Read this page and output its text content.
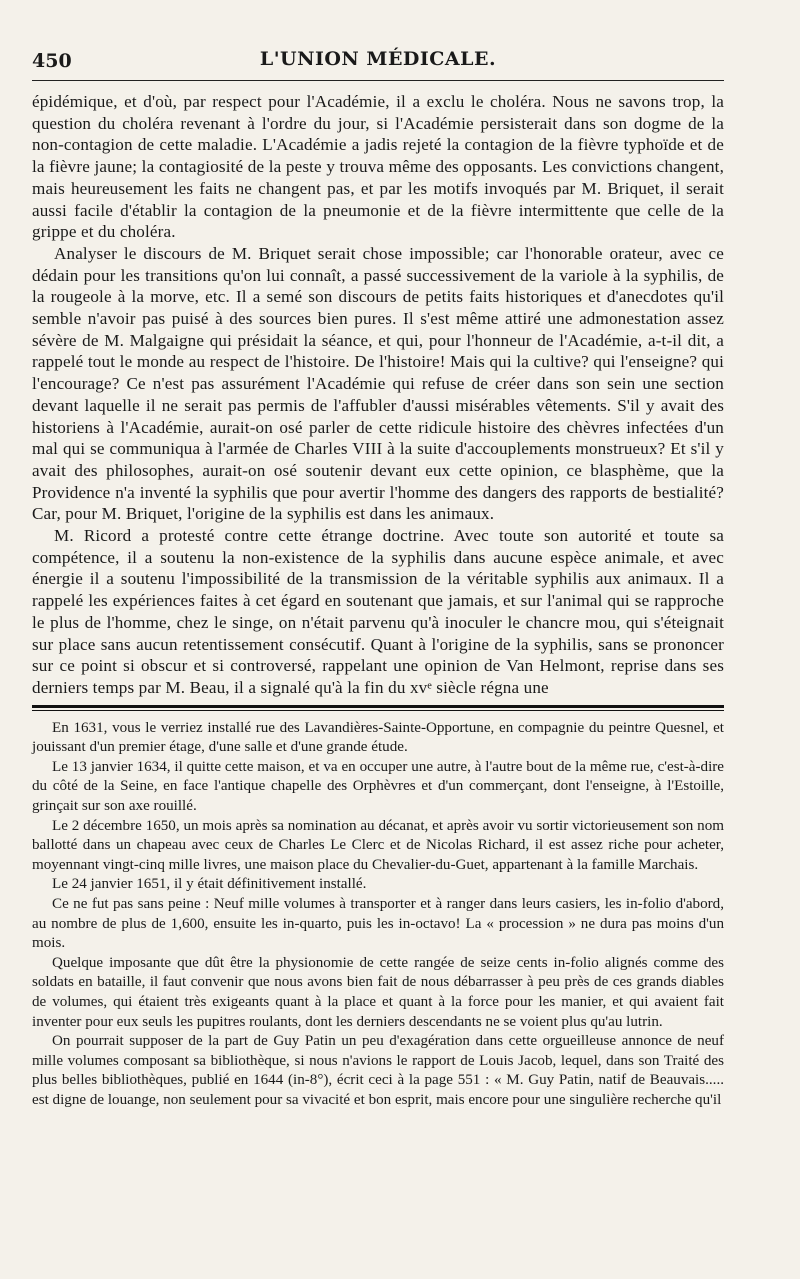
450	L'UNION MÉDICALE.

épidémique, et d'où, par respect pour l'Académie, il a exclu le choléra. Nous ne savons trop, la question du choléra revenant à l'ordre du jour, si l'Académie persisterait dans son dogme de la non-contagion de cette maladie. L'Académie a jadis rejeté la contagion de la fièvre typhoïde et de la fièvre jaune; la contagiosité de la peste y trouva même des opposants. Les convictions changent, mais heureusement les faits ne changent pas, et par les motifs invoqués par M. Briquet, il serait aussi facile d'établir la contagion de la pneumonie et de la fièvre intermittente que celle de la grippe et du choléra.

Analyser le discours de M. Briquet serait chose impossible; car l'honorable orateur, avec ce dédain pour les transitions qu'on lui connaît, a passé successivement de la variole à la syphilis, de la rougeole à la morve, etc. Il a semé son discours de petits faits historiques et d'anecdotes qu'il semble n'avoir pas puisé à des sources bien pures. Il s'est même attiré une admonestation assez sévère de M. Malgaigne qui présidait la séance, et qui, pour l'honneur de l'Académie, a-t-il dit, a rappelé tout le monde au respect de l'histoire. De l'histoire! Mais qui la cultive? qui l'enseigne? qui l'encourage? Ce n'est pas assurément l'Académie qui refuse de créer dans son sein une section devant laquelle il ne serait pas permis de l'affubler d'aussi misérables vêtements. S'il y avait des historiens à l'Académie, aurait-on osé parler de cette ridicule histoire des chèvres infectées d'un mal qui se communiqua à l'armée de Charles VIII à la suite d'accouplements monstrueux? Et s'il y avait des philosophes, aurait-on osé soutenir devant eux cette opinion, ce blasphème, que la Providence n'a inventé la syphilis que pour avertir l'homme des dangers des rapports de bestialité? Car, pour M. Briquet, l'origine de la syphilis est dans les animaux.

M. Ricord a protesté contre cette étrange doctrine. Avec toute son autorité et toute sa compétence, il a soutenu la non-existence de la syphilis dans aucune espèce animale, et avec énergie il a soutenu l'impossibilité de la transmission de la véritable syphilis aux animaux. Il a rappelé les expériences faites à cet égard en soutenant que jamais, et sur l'animal qui se rapproche le plus de l'homme, chez le singe, on n'était parvenu qu'à inoculer le chancre mou, qui s'éteignait sur place sans aucun retentissement consécutif. Quant à l'origine de la syphilis, sans se prononcer sur ce point si obscur et si controversé, rappelant une opinion de Van Helmont, reprise dans ses derniers temps par M. Beau, il a signalé qu'à la fin du xvᵉ siècle régna une

En 1631, vous le verriez installé rue des Lavandières-Sainte-Opportune, en compagnie du peintre Quesnel, et jouissant d'un premier étage, d'une salle et d'une grande étude.

Le 13 janvier 1634, il quitte cette maison, et va en occuper une autre, à l'autre bout de la même rue, c'est-à-dire du côté de la Seine, en face l'antique chapelle des Orphèvres et d'un commerçant, dont l'enseigne, à l'Estoille, grinçait sur son axe rouillé.

Le 2 décembre 1650, un mois après sa nomination au décanat, et après avoir vu sortir victorieusement son nom ballotté dans un chapeau avec ceux de Charles Le Clerc et de Nicolas Richard, il est assez riche pour acheter, moyennant vingt-cinq mille livres, une maison place du Chevalier-du-Guet, appartenant à la famille Marchais.

Le 24 janvier 1651, il y était définitivement installé.

Ce ne fut pas sans peine : Neuf mille volumes à transporter et à ranger dans leurs casiers, les in-folio d'abord, au nombre de plus de 1,600, ensuite les in-quarto, puis les in-octavo! La « procession » ne dura pas moins d'un mois.

Quelque imposante que dût être la physionomie de cette rangée de seize cents in-folio alignés comme des soldats en bataille, il faut convenir que nous avons bien fait de nous débarrasser à peu près de ces grands diables de volumes, qui étaient très exigeants quant à la place et quant à la force pour les manier, et qui avaient fait inventer pour eux seuls les pupitres roulants, dont les derniers descendants ne se voient plus qu'au lutrin.

On pourrait supposer de la part de Guy Patin un peu d'exagération dans cette orgueilleuse annonce de neuf mille volumes composant sa bibliothèque, si nous n'avions le rapport de Louis Jacob, lequel, dans son Traité des plus belles bibliothèques, publié en 1644 (in-8°), écrit ceci à la page 551 : « M. Guy Patin, natif de Beauvais..... est digne de louange, non seulement pour sa vivacité et bon esprit, mais encore pour une singulière recherche qu'il
